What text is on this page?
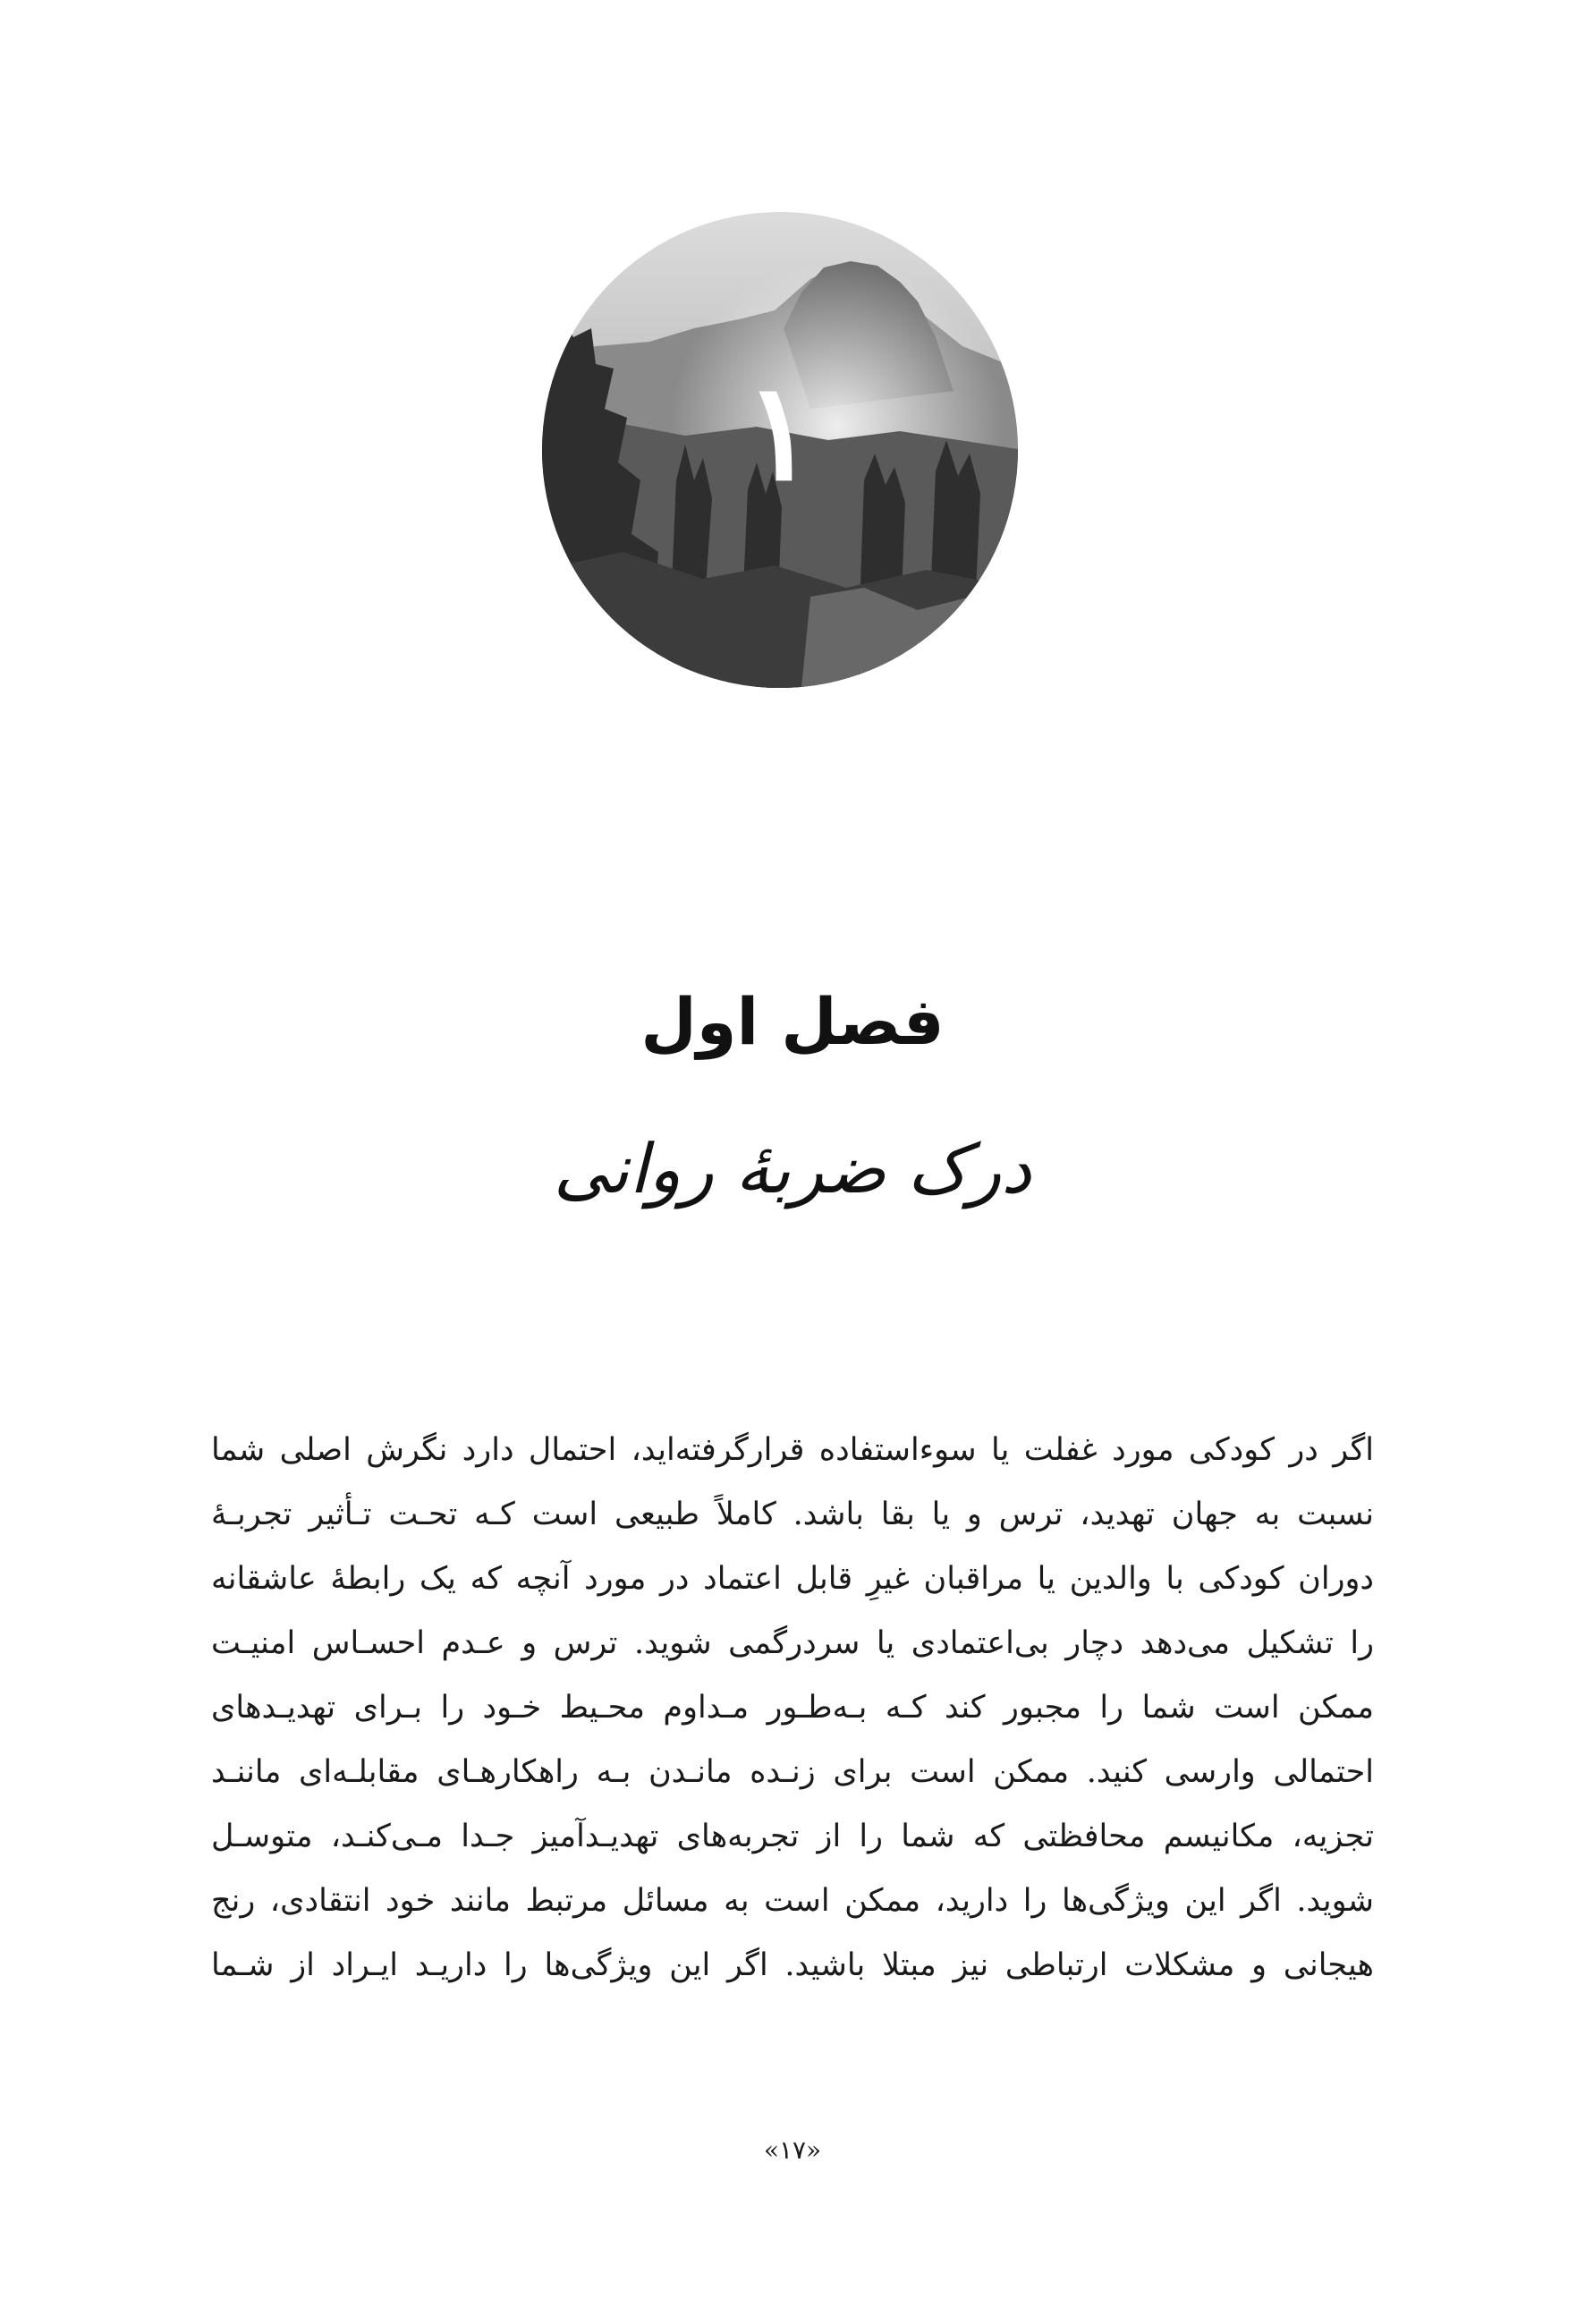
۱
فصل اول
درک ضربۀ روانی
اگر در کودکی مورد غفلت یا سوءاستفاده قرارگرفته‌اید، احتمال دارد نگرش اصلی شما
نسبت به جهان تهدید، ترس و یا بقا باشد. کاملاً طبیعی است کـه تحـت تـأثیر تجربـۀ
دوران کودکی با والدین یا مراقبان غیرِ قابل اعتماد در مورد آنچه که یک رابطۀ عاشقانه
را تشکیل می‌دهد دچار بی‌اعتمادی یا سردرگمی شوید. ترس و عـدم احسـاس امنیـت
ممکن است شما را مجبور کند کـه بـه‌طـور مـداوم محـیط خـود را بـرای تهدیـدهای
احتمالی وارسی کنید. ممکن است برای زنـده مانـدن بـه راهکارهـای مقابلـه‌ای ماننـد
تجزیه، مکانیسم محافظتی که شما را از تجربه‌های تهدیـدآمیز جـدا مـی‌کنـد، متوسـل
شوید. اگر این ویژگی‌ها را دارید، ممکن است به مسائل مرتبط مانند خود انتقادی، رنج
هیجانی و مشکلات ارتباطی نیز مبتلا باشید. اگر این ویژگی‌ها را داریـد ایـراد از شـما
«۱۷»
